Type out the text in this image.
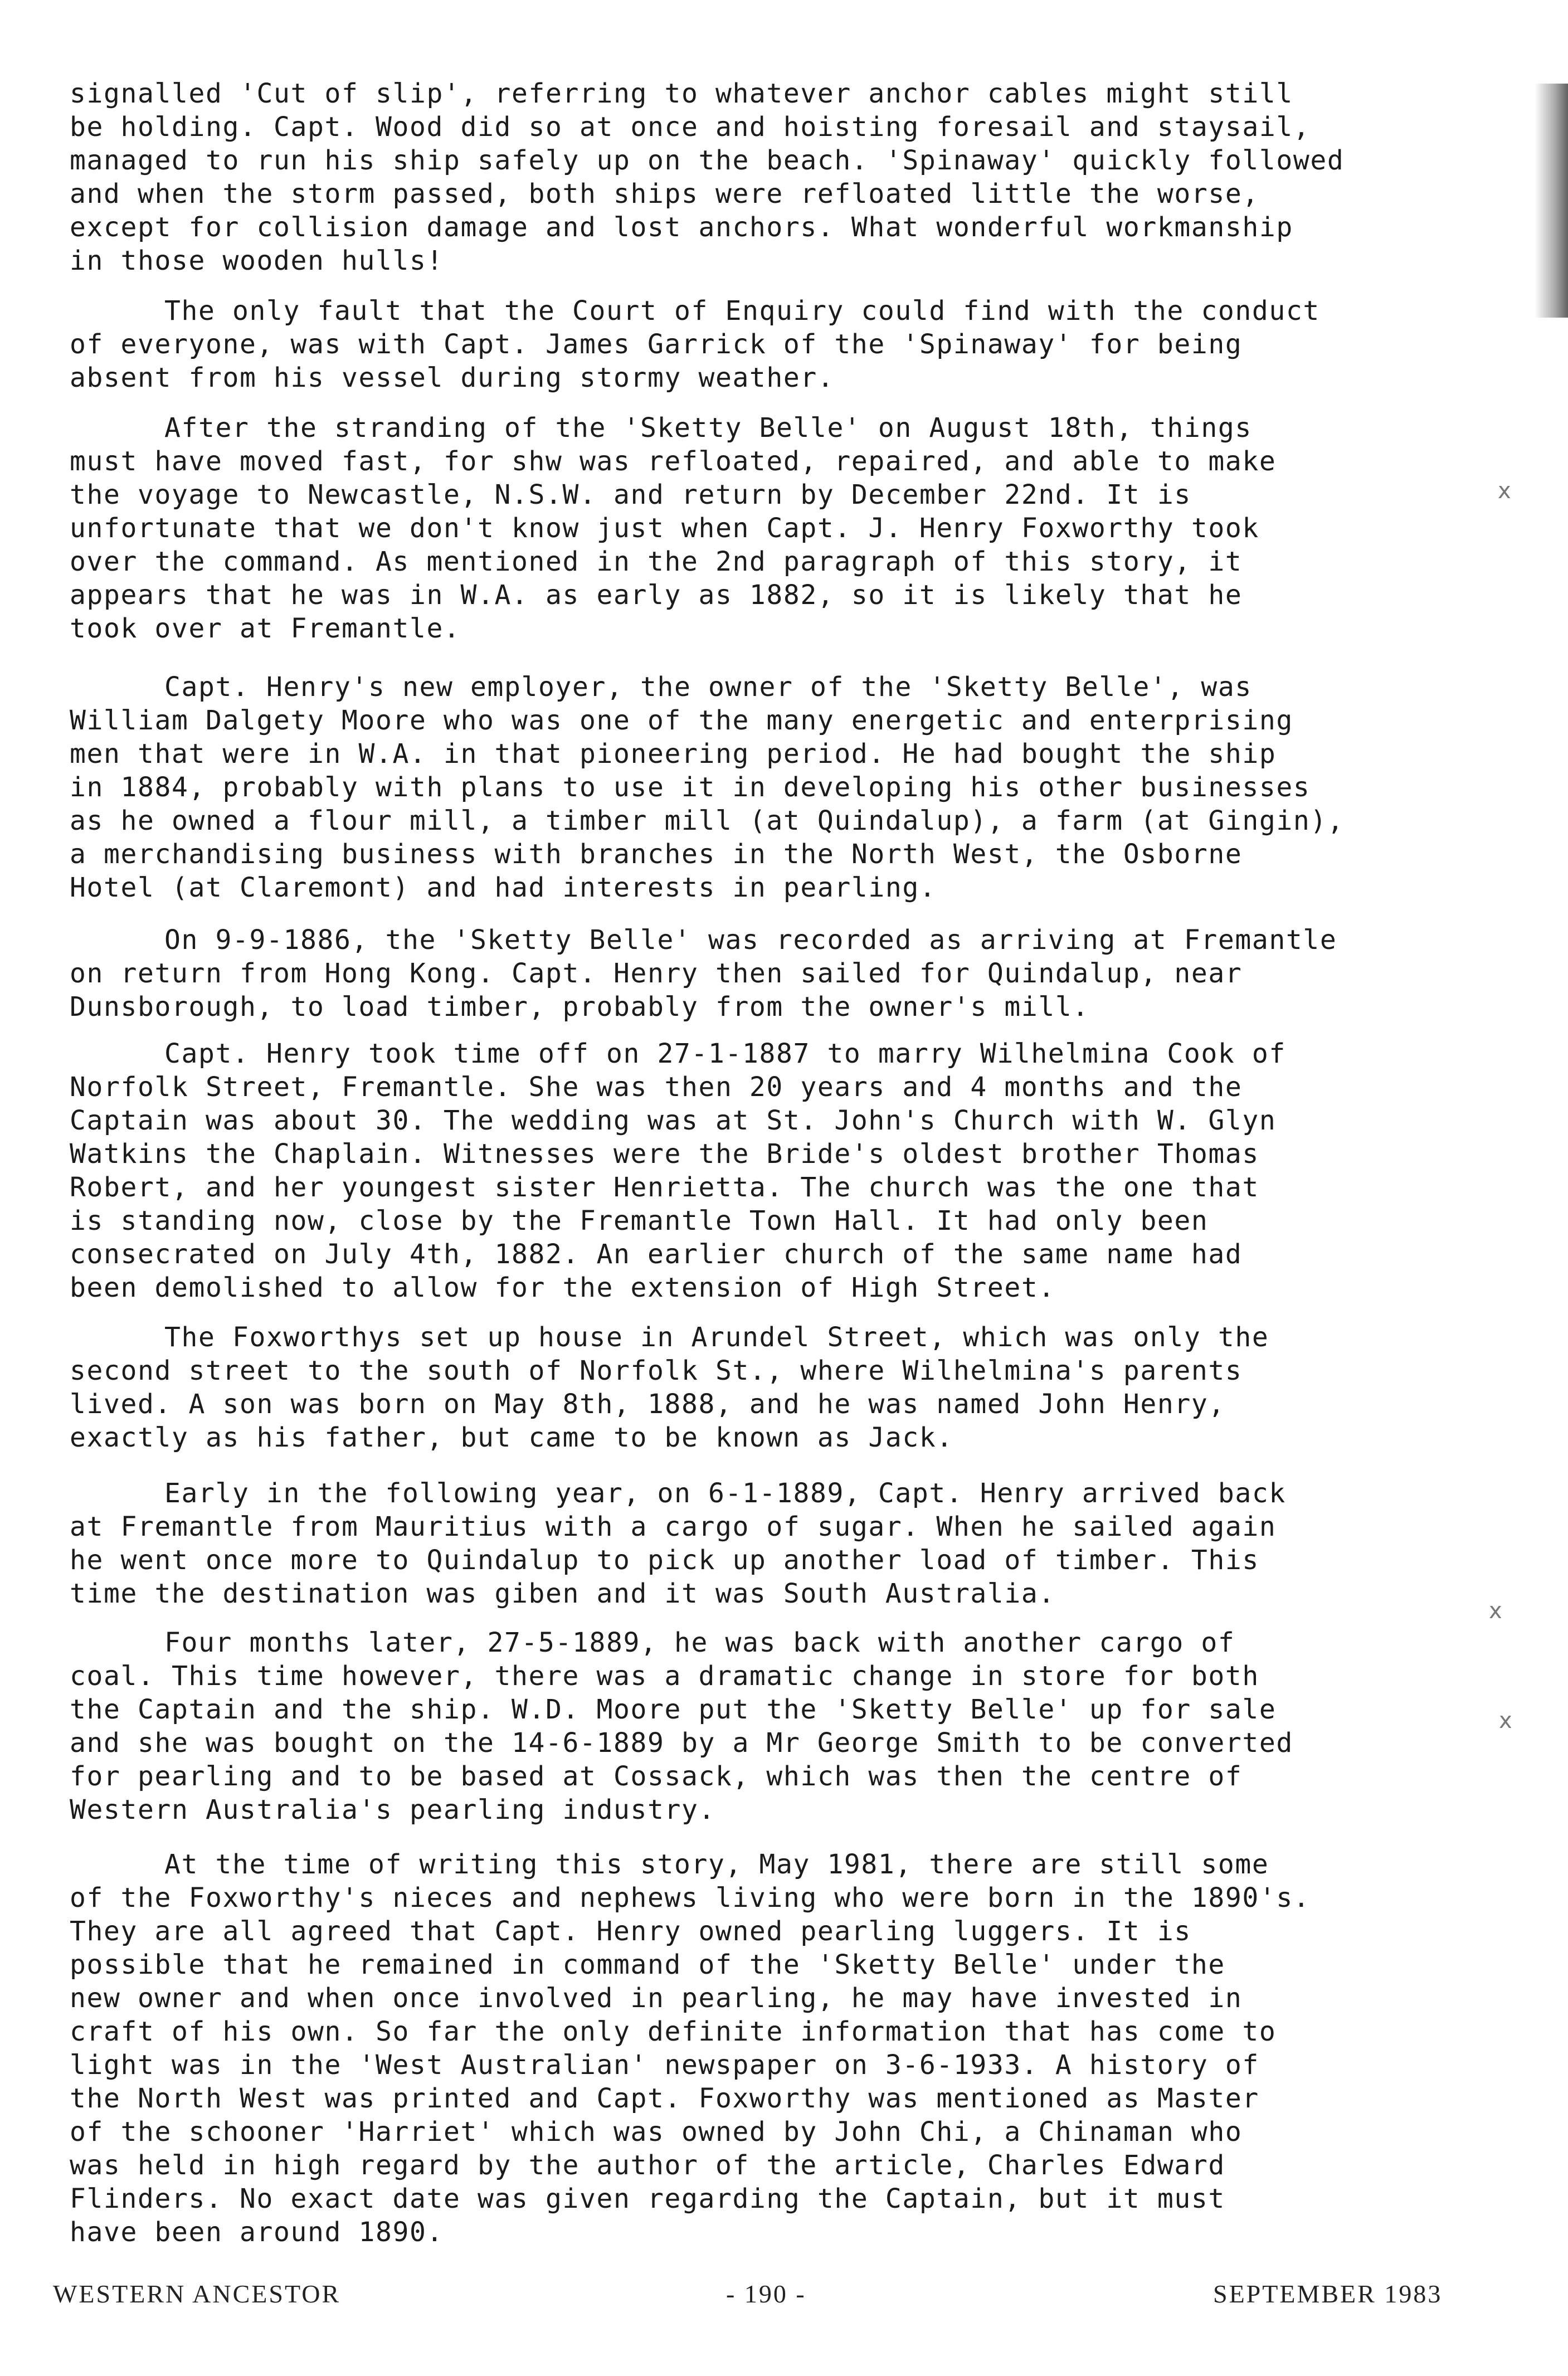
signalled 'Cut of slip', referring to whatever anchor cables might still
be holding. Capt. Wood did so at once and hoisting foresail and staysail,
managed to run his ship safely up on the beach. 'Spinaway' quickly followed
and when the storm passed, both ships were refloated little the worse,
except for collision damage and lost anchors. What wonderful workmanship
in those wooden hulls!

The only fault that the Court of Enquiry could find with the conduct
of everyone, was with Capt. James Garrick of the 'Spinaway' for being
absent from his vessel during stormy weather.

After the stranding of the 'Sketty Belle' on August 18th, things
must have moved fast, for shw was refloated, repaired, and able to make
the voyage to Newcastle, N.S.W. and return by December 22nd. It is
unfortunate that we don't know just when Capt. J. Henry Foxworthy took
over the command. As mentioned in the 2nd paragraph of this story, it
appears that he was in W.A. as early as 1882, so it is likely that he
took over at Fremantle.

Capt. Henry's new employer, the owner of the 'Sketty Belle', was
William Dalgety Moore who was one of the many energetic and enterprising
men that were in W.A. in that pioneering period. He had bought the ship
in 1884, probably with plans to use it in developing his other businesses
as he owned a flour mill, a timber mill (at Quindalup), a farm (at Gingin),
a merchandising business with branches in the North West, the Osborne
Hotel (at Claremont) and had interests in pearling.

On 9-9-1886, the 'Sketty Belle' was recorded as arriving at Fremantle
on return from Hong Kong. Capt. Henry then sailed for Quindalup, near
Dunsborough, to load timber, probably from the owner's mill.

Capt. Henry took time off on 27-1-1887 to marry Wilhelmina Cook of
Norfolk Street, Fremantle. She was then 20 years and 4 months and the
Captain was about 30. The wedding was at St. John's Church with W. Glyn
Watkins the Chaplain. Witnesses were the Bride's oldest brother Thomas
Robert, and her youngest sister Henrietta. The church was the one that
is standing now, close by the Fremantle Town Hall. It had only been
consecrated on July 4th, 1882. An earlier church of the same name had
been demolished to allow for the extension of High Street.

The Foxworthys set up house in Arundel Street, which was only the
second street to the south of Norfolk St., where Wilhelmina's parents
lived. A son was born on May 8th, 1888, and he was named John Henry,
exactly as his father, but came to be known as Jack.

Early in the following year, on 6-1-1889, Capt. Henry arrived back
at Fremantle from Mauritius with a cargo of sugar. When he sailed again
he went once more to Quindalup to pick up another load of timber. This
time the destination was giben and it was South Australia.

Four months later, 27-5-1889, he was back with another cargo of
coal. This time however, there was a dramatic change in store for both
the Captain and the ship. W.D. Moore put the 'Sketty Belle' up for sale
and she was bought on the 14-6-1889 by a Mr George Smith to be converted
for pearling and to be based at Cossack, which was then the centre of
Western Australia's pearling industry.

At the time of writing this story, May 1981, there are still some
of the Foxworthy's nieces and nephews living who were born in the 1890's.
They are all agreed that Capt. Henry owned pearling luggers. It is
possible that he remained in command of the 'Sketty Belle' under the
new owner and when once involved in pearling, he may have invested in
craft of his own. So far the only definite information that has come to
light was in the 'West Australian' newspaper on 3-6-1933. A history of
the North West was printed and Capt. Foxworthy was mentioned as Master
of the schooner 'Harriet' which was owned by John Chi, a Chinaman who
was held in high regard by the author of the article, Charles Edward
Flinders. No exact date was given regarding the Captain, but it must
have been around 1890.

x
x
x
WESTERN ANCESTOR	- 190 -	SEPTEMBER 1983
